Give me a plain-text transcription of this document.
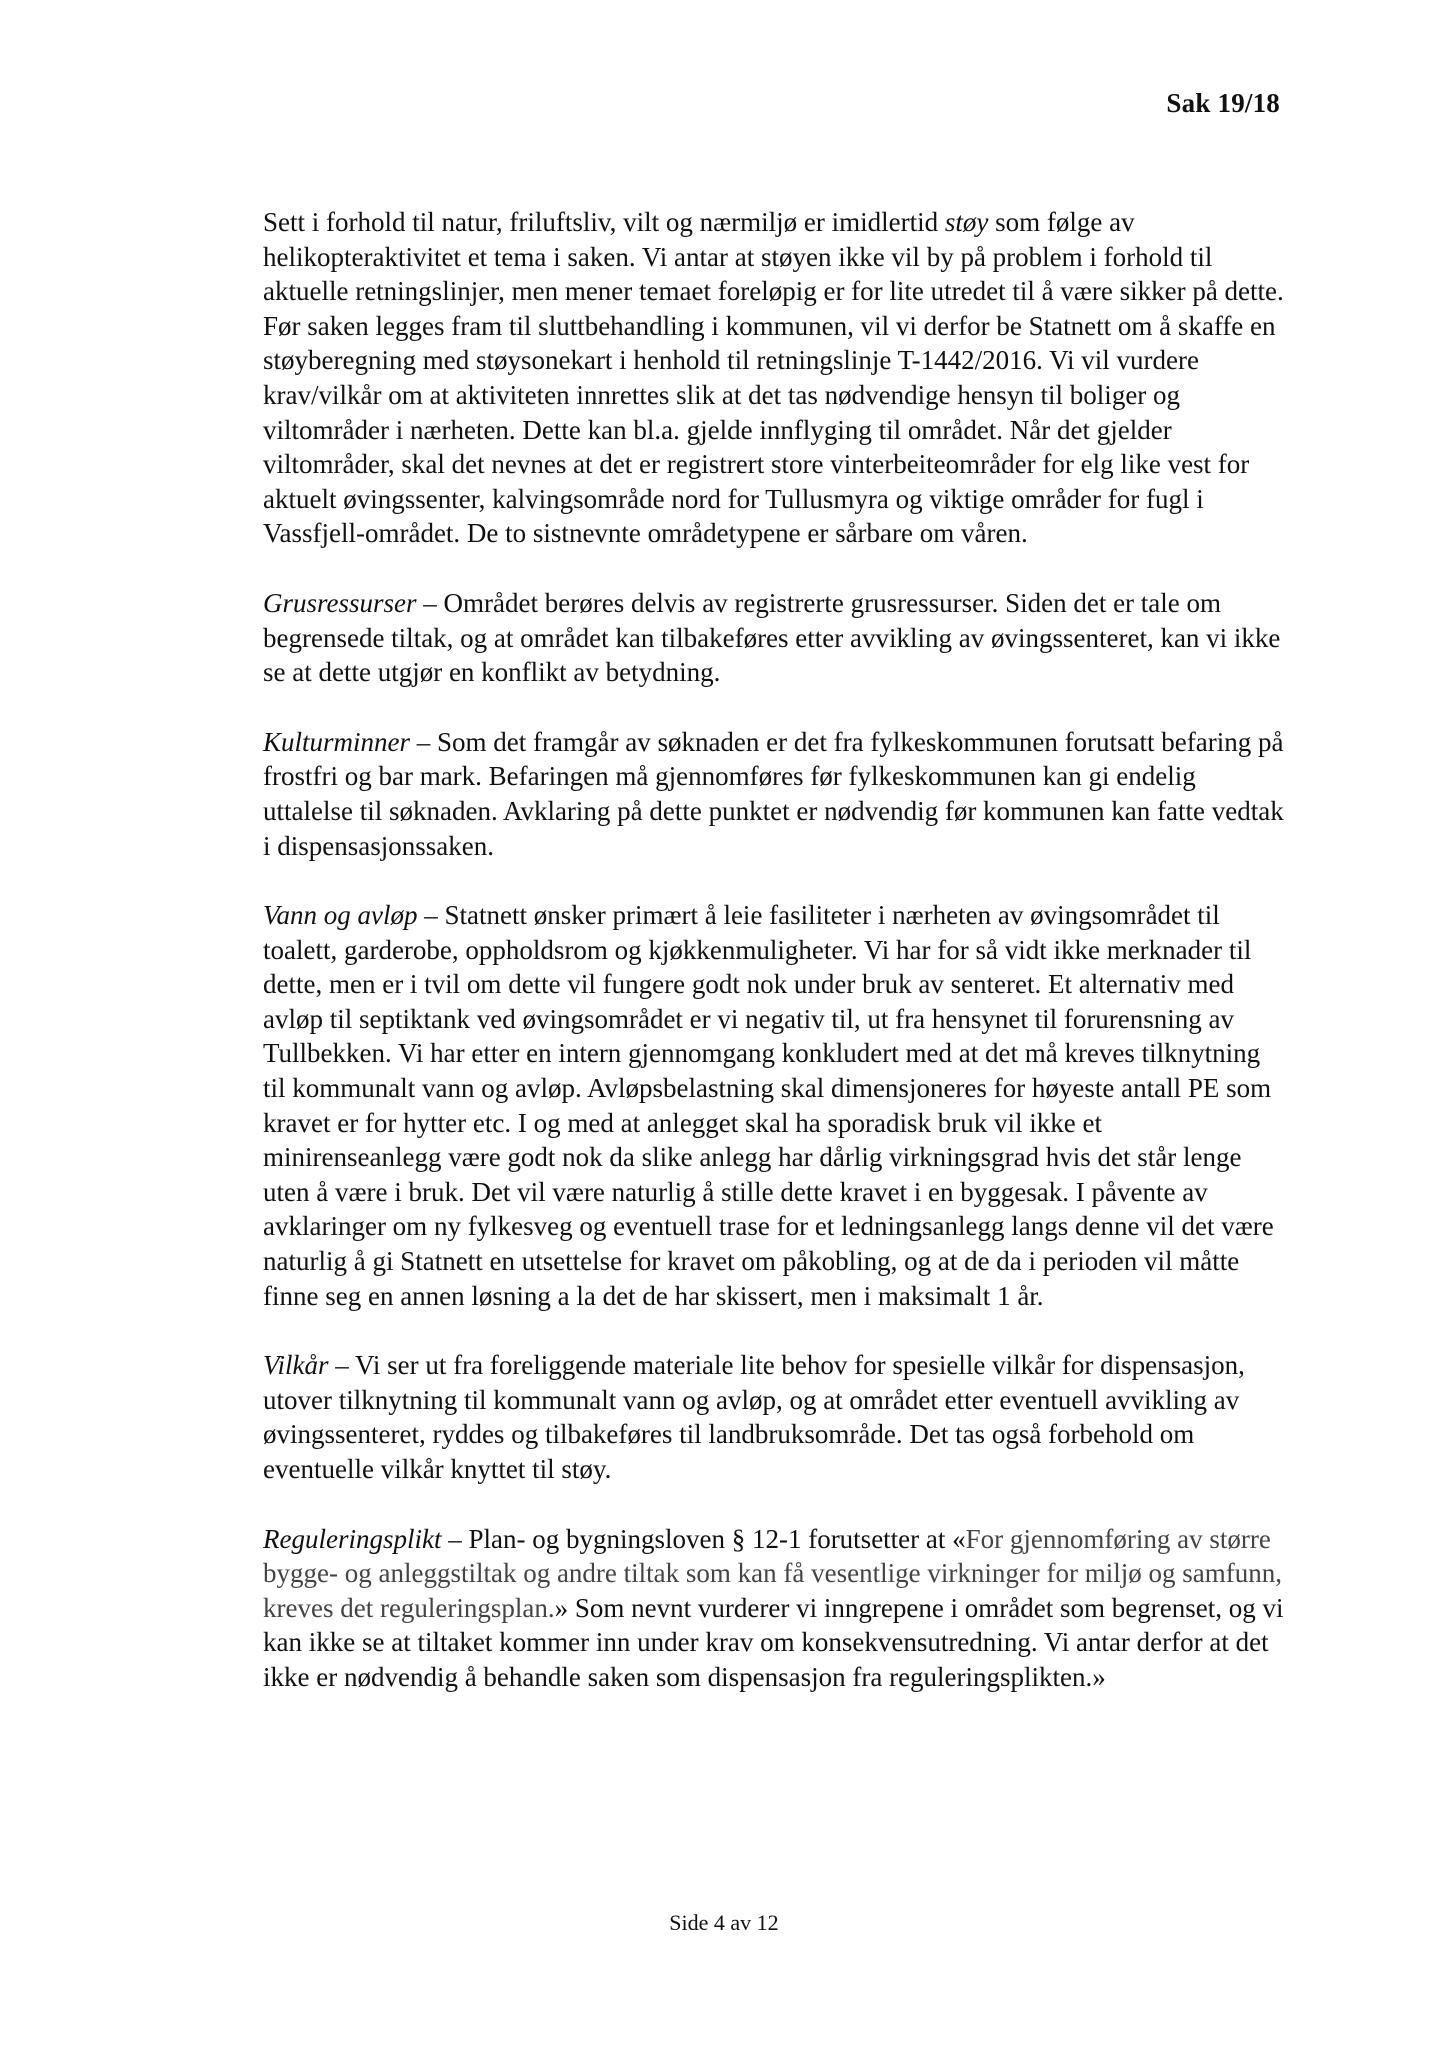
Sak 19/18

Sett i forhold til natur, friluftsliv, vilt og nærmiljø er imidlertid støy som følge av helikopteraktivitet et tema i saken. Vi antar at støyen ikke vil by på problem i forhold til aktuelle retningslinjer, men mener temaet foreløpig er for lite utredet til å være sikker på dette. Før saken legges fram til sluttbehandling i kommunen, vil vi derfor be Statnett om å skaffe en støyberegning med støysonekart i henhold til retningslinje T-1442/2016. Vi vil vurdere krav/vilkår om at aktiviteten innrettes slik at det tas nødvendige hensyn til boliger og viltområder i nærheten. Dette kan bl.a. gjelde innflyging til området. Når det gjelder viltområder, skal det nevnes at det er registrert store vinterbeiteområder for elg like vest for aktuelt øvingssenter, kalvingsområde nord for Tullusmyra og viktige områder for fugl i Vassfjell-området. De to sistnevnte områdetypene er sårbare om våren.

Grusressurser – Området berøres delvis av registrerte grusressurser. Siden det er tale om begrensede tiltak, og at området kan tilbakeføres etter avvikling av øvingssenteret, kan vi ikke se at dette utgjør en konflikt av betydning.

Kulturminner – Som det framgår av søknaden er det fra fylkeskommunen forutsatt befaring på frostfri og bar mark. Befaringen må gjennomføres før fylkeskommunen kan gi endelig uttalelse til søknaden. Avklaring på dette punktet er nødvendig før kommunen kan fatte vedtak i dispensasjonssaken.

Vann og avløp – Statnett ønsker primært å leie fasiliteter i nærheten av øvingsområdet til toalett, garderobe, oppholdsrom og kjøkkenmuligheter. Vi har for så vidt ikke merknader til dette, men er i tvil om dette vil fungere godt nok under bruk av senteret. Et alternativ med avløp til septiktank ved øvingsområdet er vi negativ til, ut fra hensynet til forurensning av Tullbekken. Vi har etter en intern gjennomgang konkludert med at det må kreves tilknytning til kommunalt vann og avløp. Avløpsbelastning skal dimensjoneres for høyeste antall PE som kravet er for hytter etc. I og med at anlegget skal ha sporadisk bruk vil ikke et minirenseanlegg være godt nok da slike anlegg har dårlig virkningsgrad hvis det står lenge uten å være i bruk. Det vil være naturlig å stille dette kravet i en byggesak. I påvente av avklaringer om ny fylkesveg og eventuell trase for et ledningsanlegg langs denne vil det være naturlig å gi Statnett en utsettelse for kravet om påkobling, og at de da i perioden vil måtte finne seg en annen løsning a la det de har skissert, men i maksimalt 1 år.

Vilkår – Vi ser ut fra foreliggende materiale lite behov for spesielle vilkår for dispensasjon, utover tilknytning til kommunalt vann og avløp, og at området etter eventuell avvikling av øvingssenteret, ryddes og tilbakeføres til landbruksområde. Det tas også forbehold om eventuelle vilkår knyttet til støy.

Reguleringsplikt – Plan- og bygningsloven § 12-1 forutsetter at «For gjennomføring av større bygge- og anleggstiltak og andre tiltak som kan få vesentlige virkninger for miljø og samfunn, kreves det reguleringsplan.» Som nevnt vurderer vi inngrepene i området som begrenset, og vi kan ikke se at tiltaket kommer inn under krav om konsekvensutredning. Vi antar derfor at det ikke er nødvendig å behandle saken som dispensasjon fra reguleringsplikten.»

Side 4 av 12
